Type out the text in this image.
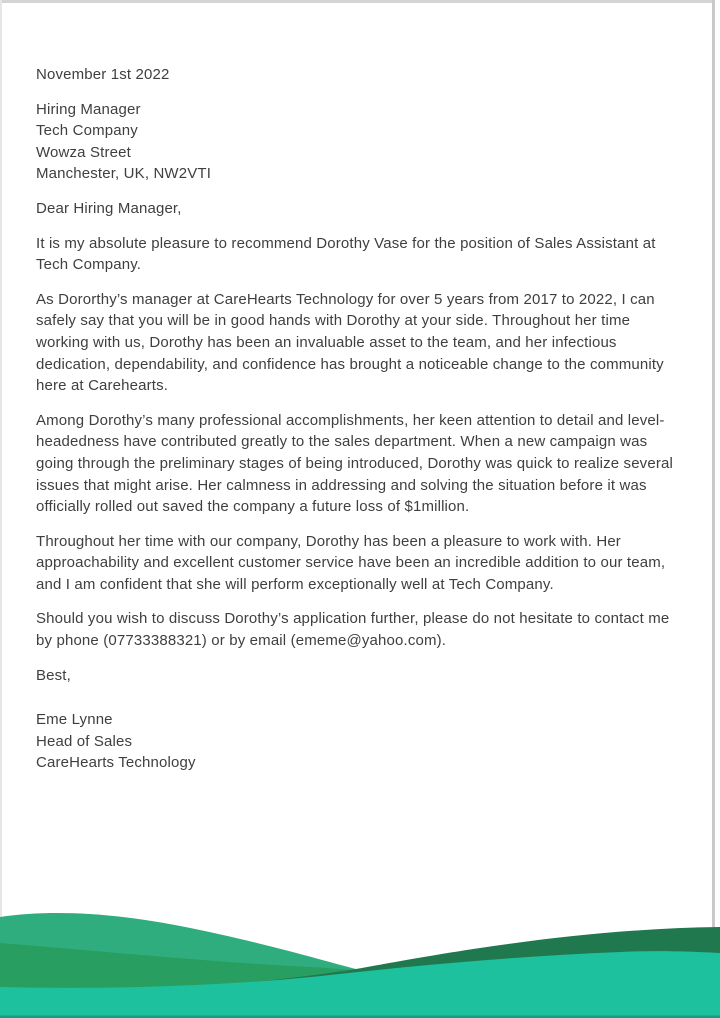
November 1st 2022

Hiring Manager
Tech Company
Wowza Street
Manchester, UK, NW2VTI

Dear Hiring Manager,

It is my absolute pleasure to recommend Dorothy Vase for the position of Sales Assistant at Tech Company.

As Dororthy’s manager at CareHearts Technology for over 5 years from 2017 to 2022, I can safely say that you will be in good hands with Dorothy at your side. Throughout her time working with us, Dorothy has been an invaluable asset to the team, and her infectious dedication, dependability, and confidence has brought a noticeable change to the community here at Carehearts.

Among Dorothy’s many professional accomplishments, her keen attention to detail and level-headedness have contributed greatly to the sales department. When a new campaign was going through the preliminary stages of being introduced, Dorothy was quick to realize several issues that might arise. Her calmness in addressing and solving the situation before it was officially rolled out saved the company a future loss of $1million.

Throughout her time with our company, Dorothy has been a pleasure to work with. Her approachability and excellent customer service have been an incredible addition to our team, and I am confident that she will perform exceptionally well at Tech Company.

Should you wish to discuss Dorothy’s application further, please do not hesitate to contact me by phone (07733388321) or by email (ememe@yahoo.com).

Best,

Eme Lynne
Head of Sales
CareHearts Technology
